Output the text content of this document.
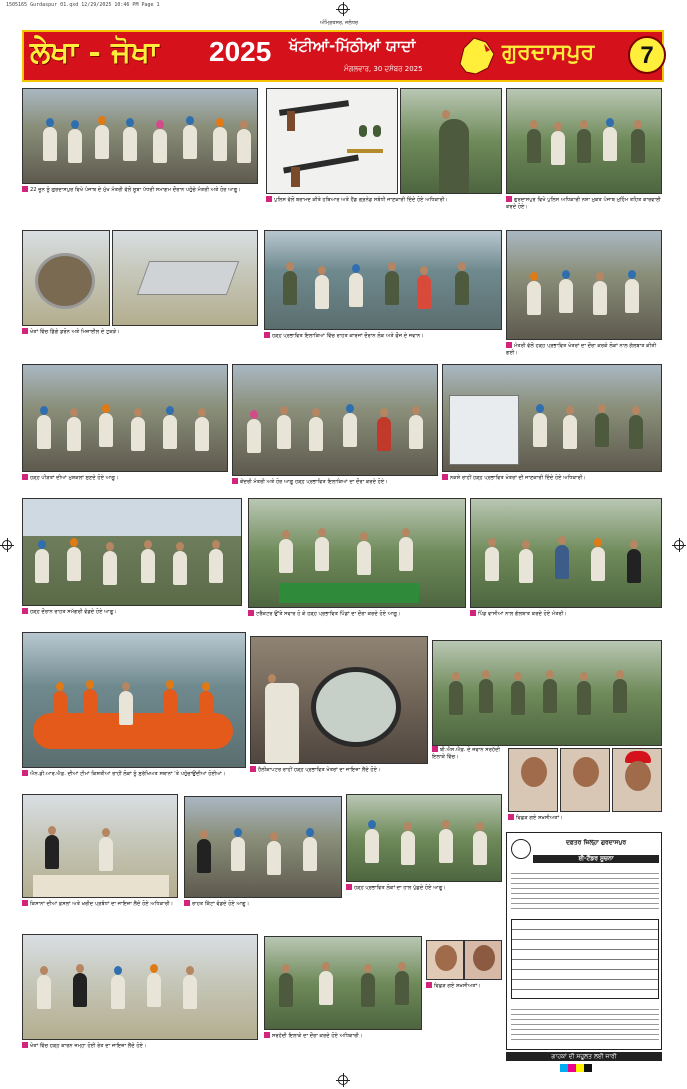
1505165 Gurdaspur 01.qxd 12/29/2025 10:46 PM Page 1
ਅੰਮ੍ਰਿਤਸਰ, ਜਲੰਧਰ
ਲੇਖਾ - ਜੋਖਾ 2025 ਖੱਟੀਆਂ-ਮਿੱਠੀਆਂ ਯਾਦਾਂ
ਮੰਗਲਵਾਰ, 30 ਦਸੰਬਰ 2025
ਗੁਰਦਾਸਪੁਰ	7
22 ਜੂਨ ਨੂੰ ਗੁਰਦਾਸਪੁਰ ਵਿਖੇ ਪੰਜਾਬ ਦੇ ਮੁੱਖ ਮੰਤਰੀ ਵੱਲੋਂ ਸੂਬਾ ਪੱਧਰੀ ਸਮਾਗਮ ਦੌਰਾਨ ਪਹੁੰਚੇ ਮੰਤਰੀ ਅਤੇ ਹੋਰ ਆਗੂ।
ਪੁਲਿਸ ਵੱਲੋਂ ਬਰਾਮਦ ਕੀਤੇ ਹਥਿਆਰ ਅਤੇ ਹੈਂਡ ਗ੍ਰਨੇਡ ਸਬੰਧੀ ਜਾਣਕਾਰੀ ਦਿੰਦੇ ਹੋਏ ਅਧਿਕਾਰੀ।	ਗੁਰਦਾਸਪੁਰ ਵਿਖੇ ਪੁਲਿਸ ਅਧਿਕਾਰੀ ਨਸ਼ਾ ਮੁਕਤ ਪੰਜਾਬ ਮੁਹਿੰਮ ਤਹਿਤ ਕਾਰਵਾਈ ਕਰਦੇ ਹੋਏ।
ਖੇਤਾਂ ਵਿੱਚ ਡਿੱਗੇ ਡਰੋਨ ਅਤੇ ਮਿਜ਼ਾਈਲ ਦੇ ਟੁਕੜੇ।
ਹੜ੍ਹ ਪ੍ਰਭਾਵਿਤ ਇਲਾਕਿਆਂ ਵਿੱਚ ਰਾਹਤ ਕਾਰਜਾਂ ਦੌਰਾਨ ਲੋਕ ਅਤੇ ਫੌਜ ਦੇ ਜਵਾਨ।
ਮੰਤਰੀ ਵੱਲੋਂ ਹੜ੍ਹ ਪ੍ਰਭਾਵਿਤ ਖੇਤਰਾਂ ਦਾ ਦੌਰਾ ਕਰਕੇ ਲੋਕਾਂ ਨਾਲ ਗੱਲਬਾਤ ਕੀਤੀ ਗਈ।
ਹੜ੍ਹ ਪੀੜਤਾਂ ਦੀਆਂ ਮੁਸ਼ਕਲਾਂ ਸੁਣਦੇ ਹੋਏ ਆਗੂ।
ਕੇਂਦਰੀ ਮੰਤਰੀ ਅਤੇ ਹੋਰ ਆਗੂ ਹੜ੍ਹ ਪ੍ਰਭਾਵਿਤ ਇਲਾਕਿਆਂ ਦਾ ਦੌਰਾ ਕਰਦੇ ਹੋਏ।
ਨਕਸ਼ੇ ਰਾਹੀਂ ਹੜ੍ਹ ਪ੍ਰਭਾਵਿਤ ਖੇਤਰਾਂ ਦੀ ਜਾਣਕਾਰੀ ਦਿੰਦੇ ਹੋਏ ਅਧਿਕਾਰੀ।
ਹੜ੍ਹ ਦੌਰਾਨ ਰਾਹਤ ਸਮੱਗਰੀ ਵੰਡਦੇ ਹੋਏ ਆਗੂ।	ਟਰੈਕਟਰ ਉੱਤੇ ਸਵਾਰ ਹੋ ਕੇ ਹੜ੍ਹ ਪ੍ਰਭਾਵਿਤ ਪਿੰਡਾਂ ਦਾ ਦੌਰਾ ਕਰਦੇ ਹੋਏ ਆਗੂ।	ਪਿੰਡ ਵਾਸੀਆਂ ਨਾਲ ਗੱਲਬਾਤ ਕਰਦੇ ਹੋਏ ਮੰਤਰੀ।
ਐਨ.ਡੀ.ਆਰ.ਐਫ਼. ਦੀਆਂ ਟੀਮਾਂ ਕਿਸ਼ਤੀਆਂ ਰਾਹੀਂ ਲੋਕਾਂ ਨੂੰ ਸੁਰੱਖਿਅਤ ਸਥਾਨਾਂ ’ਤੇ ਪਹੁੰਚਾਉਂਦੀਆਂ ਹੋਈਆਂ।
ਹੈਲੀਕਾਪਟਰ ਰਾਹੀਂ ਹੜ੍ਹ ਪ੍ਰਭਾਵਿਤ ਖੇਤਰਾਂ ਦਾ ਜਾਇਜ਼ਾ ਲੈਂਦੇ ਹੋਏ।
ਬੀ.ਐਸ.ਐਫ਼. ਦੇ ਜਵਾਨ ਸਰਹੱਦੀ ਇਲਾਕੇ ਵਿੱਚ।
ਵਿਛੜ ਗਏ ਸ਼ਖ਼ਸੀਅਤਾਂ।
ਕਿਸਾਨਾਂ ਦੀਆਂ ਫ਼ਸਲਾਂ ਅਤੇ ਖ਼ਰੀਦ ਪ੍ਰਬੰਧਾਂ ਦਾ ਜਾਇਜ਼ਾ ਲੈਂਦੇ ਹੋਏ ਅਧਿਕਾਰੀ।	ਰਾਹਤ ਕਿੱਟਾਂ ਵੰਡਦੇ ਹੋਏ ਆਗੂ।
ਹੜ੍ਹ ਪ੍ਰਭਾਵਿਤ ਲੋਕਾਂ ਦਾ ਹਾਲ ਪੁੱਛਦੇ ਹੋਏ ਆਗੂ।
ਦਫ਼ਤਰ ਜ਼ਿਲ੍ਹਾ ਗੁਰਦਾਸਪੁਰ
ਈ-ਟੈਂਡਰ ਸੂਚਨਾ
ਖੇਤਾਂ ਵਿੱਚ ਹੜ੍ਹ ਕਾਰਨ ਜਮ੍ਹਾ ਹੋਈ ਰੇਤ ਦਾ ਜਾਇਜ਼ਾ ਲੈਂਦੇ ਹੋਏ।
ਸਰਹੱਦੀ ਇਲਾਕੇ ਦਾ ਦੌਰਾ ਕਰਦੇ ਹੋਏ ਅਧਿਕਾਰੀ।
ਵਿਛੜ ਗਏ ਸ਼ਖ਼ਸੀਅਤਾਂ।
ਗਾਹਕਾਂ ਦੀ ਸਹੂਲਤ ਲਈ ਜਾਰੀ
